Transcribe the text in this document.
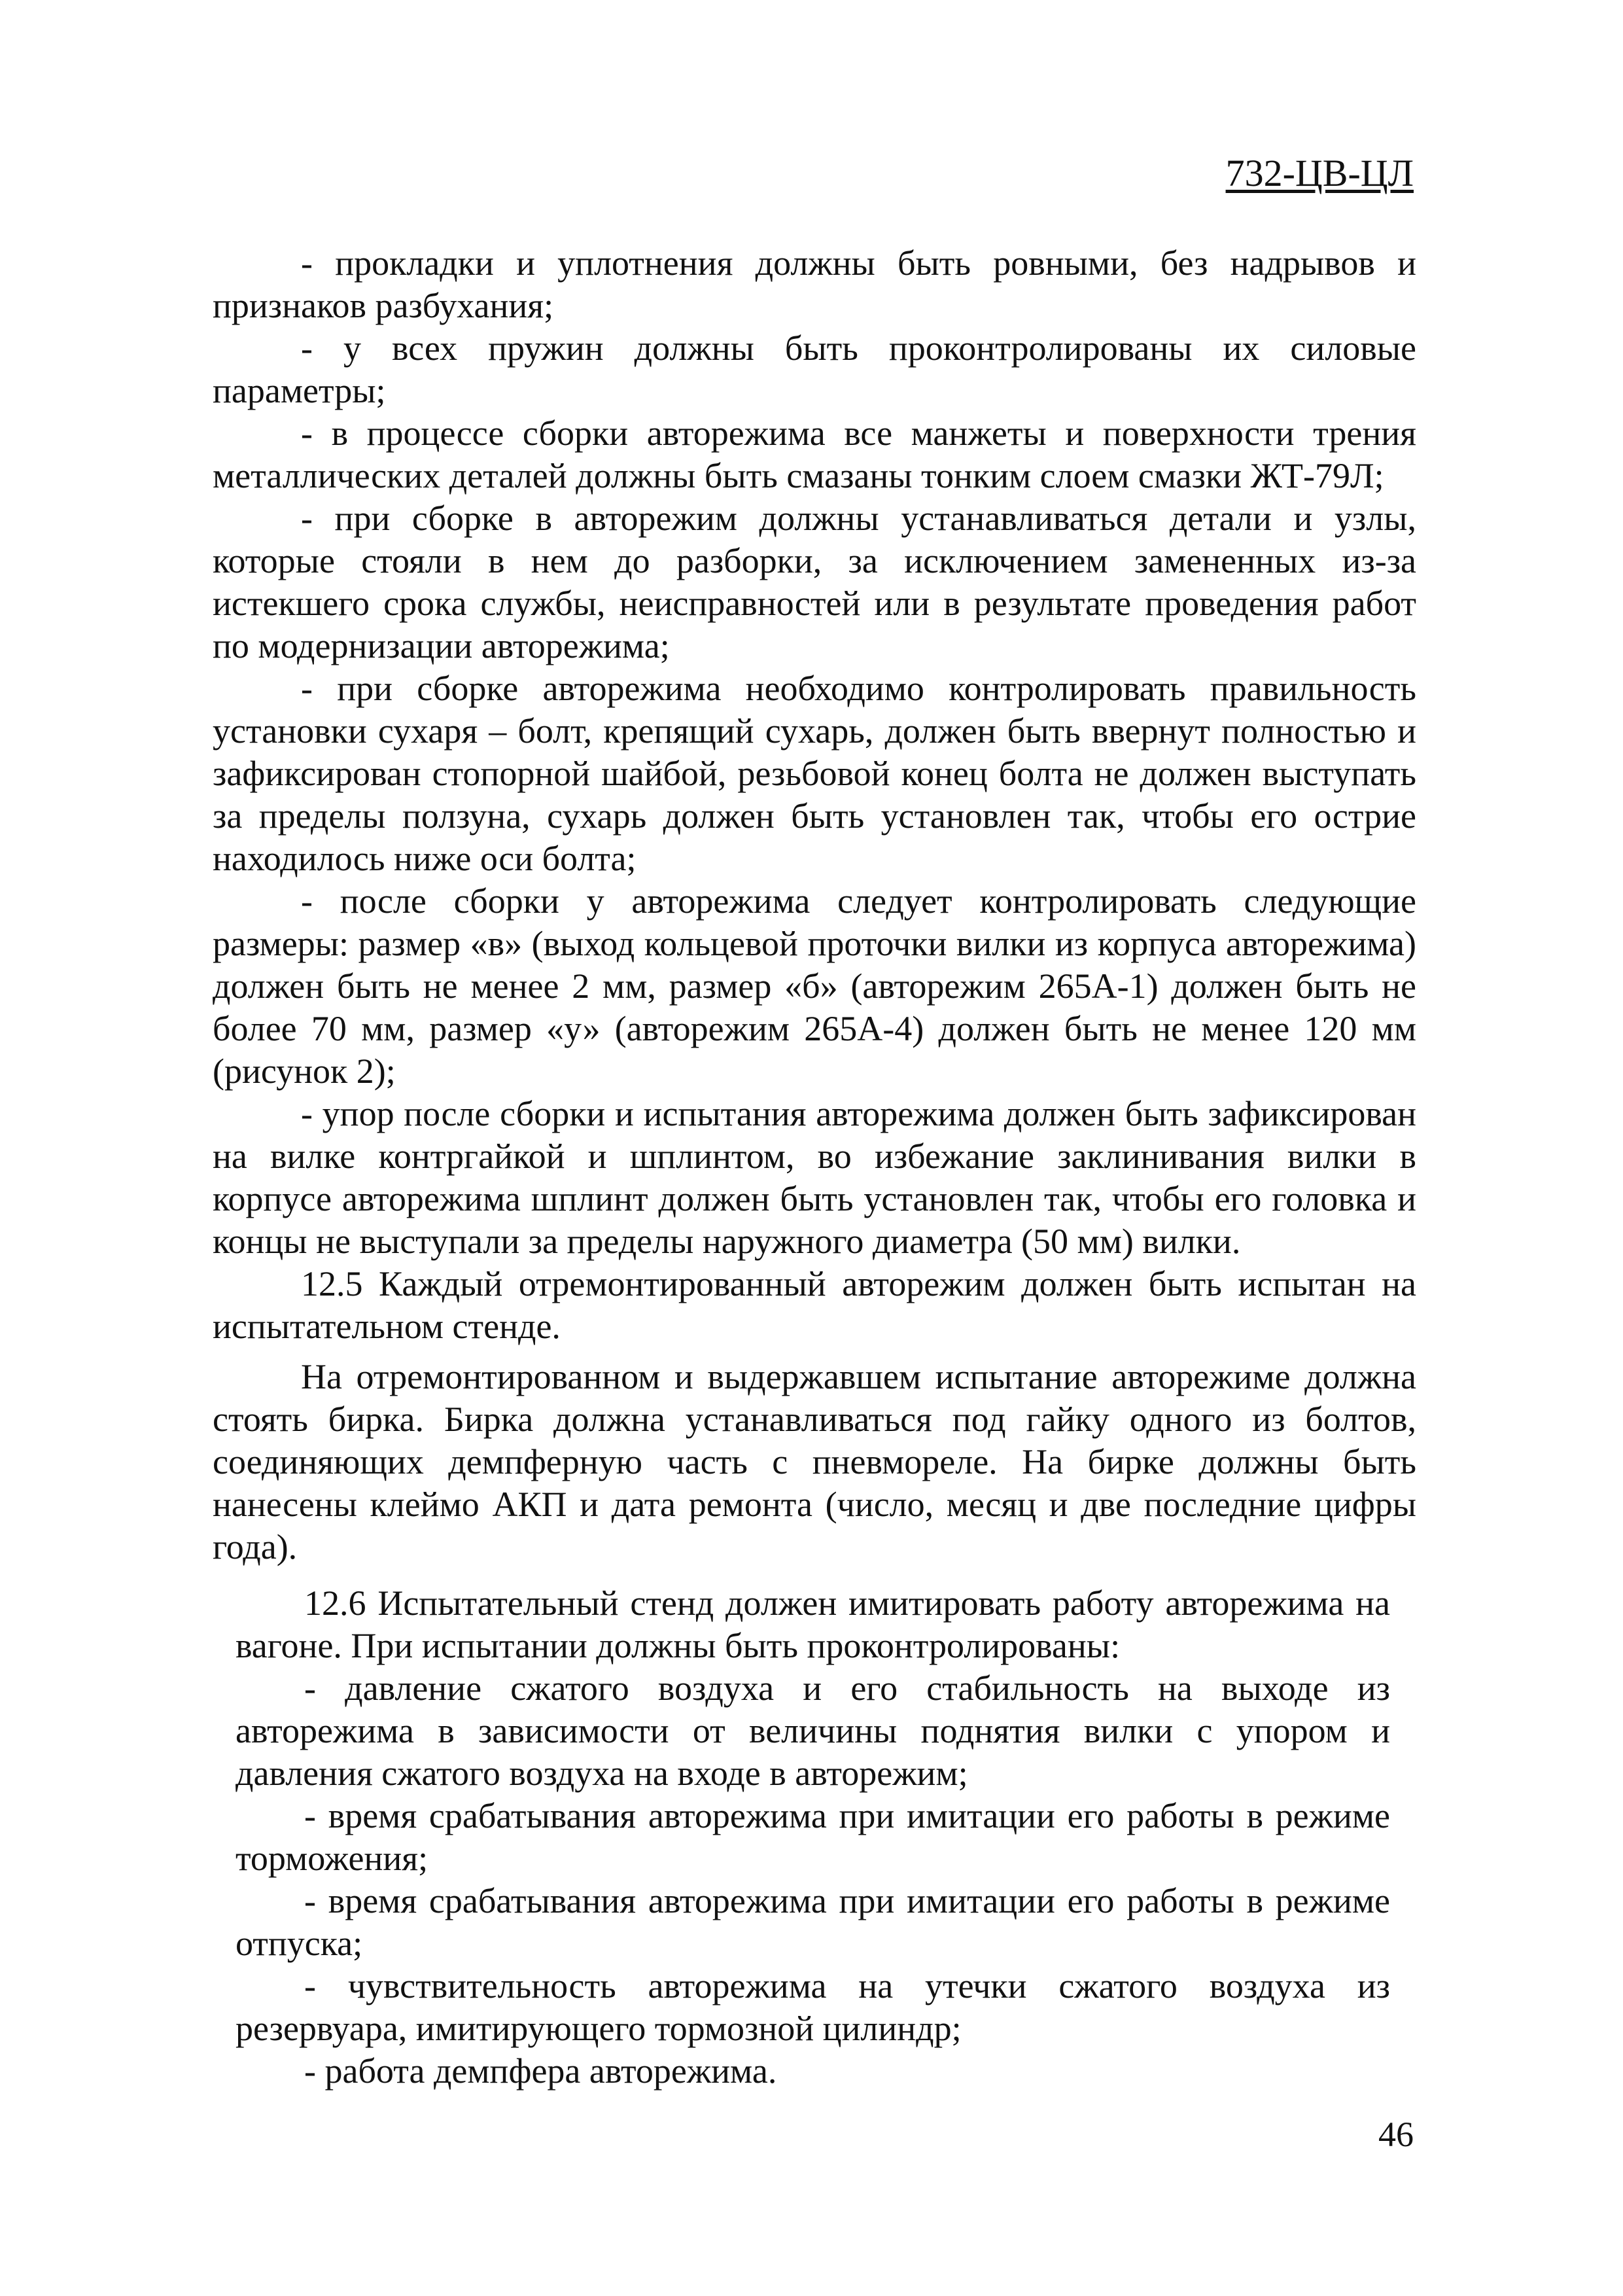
732-ЦВ-ЦЛ

- прокладки и уплотнения должны быть ровными, без надрывов и признаков разбухания;

- у всех пружин должны быть проконтролированы их силовые параметры;

- в процессе сборки авторежима все манжеты и поверхности трения металлических деталей должны быть смазаны тонким слоем смазки ЖТ-79Л;

- при сборке в авторежим должны устанавливаться детали и узлы, которые стояли в нем до разборки, за исключением замененных из-за истекшего срока службы, неисправностей или в результате проведения работ по модернизации авторежима;

- при сборке авторежима необходимо контролировать правильность установки сухаря – болт, крепящий сухарь, должен быть ввернут полностью и зафиксирован стопорной шайбой, резьбовой конец болта не должен выступать за пределы ползуна, сухарь должен быть установлен так, чтобы его острие находилось ниже оси болта;

- после сборки у авторежима следует контролировать следующие размеры: размер «в» (выход кольцевой проточки вилки из корпуса авторежима) должен быть не менее 2 мм, размер «б» (авторежим 265А-1) должен быть не более 70 мм, размер «у» (авторежим 265А-4) должен быть не менее 120 мм (рисунок 2);

- упор после сборки и испытания авторежима должен быть зафиксирован на вилке контргайкой и шплинтом, во избежание заклинивания вилки в корпусе авторежима шплинт должен быть установлен так, чтобы его головка и концы не выступали за пределы наружного диаметра (50 мм) вилки.

12.5 Каждый отремонтированный авторежим должен быть испытан на испытательном стенде.

На отремонтированном и выдержавшем испытание авторежиме должна стоять бирка. Бирка должна устанавливаться под гайку одного из болтов, соединяющих демпферную часть с пневмореле. На бирке должны быть нанесены клеймо АКП и дата ремонта (число, месяц и две последние цифры года).

12.6 Испытательный стенд должен имитировать работу авторежима на вагоне. При испытании должны быть проконтролированы:

- давление сжатого воздуха и его стабильность на выходе из авторежима в зависимости от величины поднятия вилки с упором и давления сжатого воздуха на входе в авторежим;

- время срабатывания авторежима при имитации его работы в режиме торможения;

- время срабатывания авторежима при имитации его работы в режиме отпуска;

- чувствительность авторежима на утечки сжатого воздуха из резервуара, имитирующего тормозной цилиндр;

- работа демпфера авторежима.

46
